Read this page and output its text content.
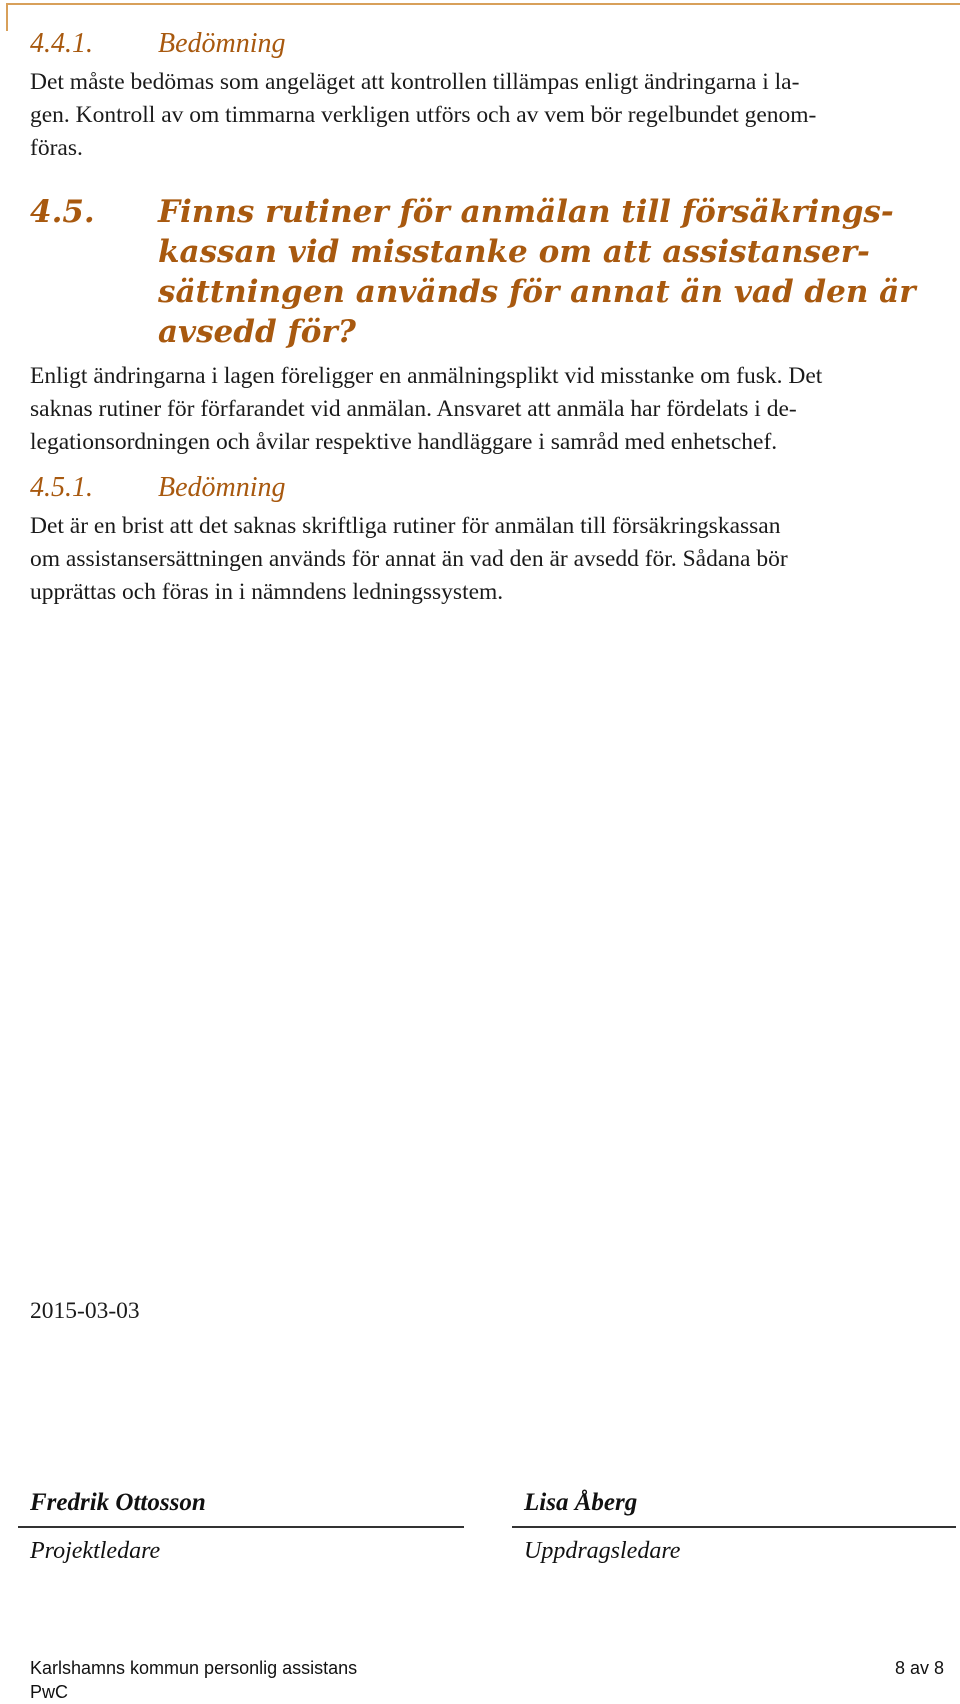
4.4.1. Bedömning
Det måste bedömas som angeläget att kontrollen tillämpas enligt ändringarna i la-
gen. Kontroll av om timmarna verkligen utförs och av vem bör regelbundet genom-
föras.
4.5. Finns rutiner för anmälan till försäkrings-
kassan vid misstanke om att assistanser-
sättningen används för annat än vad den är
avsedd för?
Enligt ändringarna i lagen föreligger en anmälningsplikt vid misstanke om fusk. Det
saknas rutiner för förfarandet vid anmälan. Ansvaret att anmäla har fördelats i de-
legationsordningen och åvilar respektive handläggare i samråd med enhetschef.
4.5.1. Bedömning
Det är en brist att det saknas skriftliga rutiner för anmälan till försäkringskassan
om assistansersättningen används för annat än vad den är avsedd för. Sådana bör
upprättas och föras in i nämndens ledningssystem.
2015-03-03
Fredrik Ottosson
Projektledare
Lisa Åberg
Uppdragsledare
Karlshamns kommun personlig assistans
PwC
8 av 8
